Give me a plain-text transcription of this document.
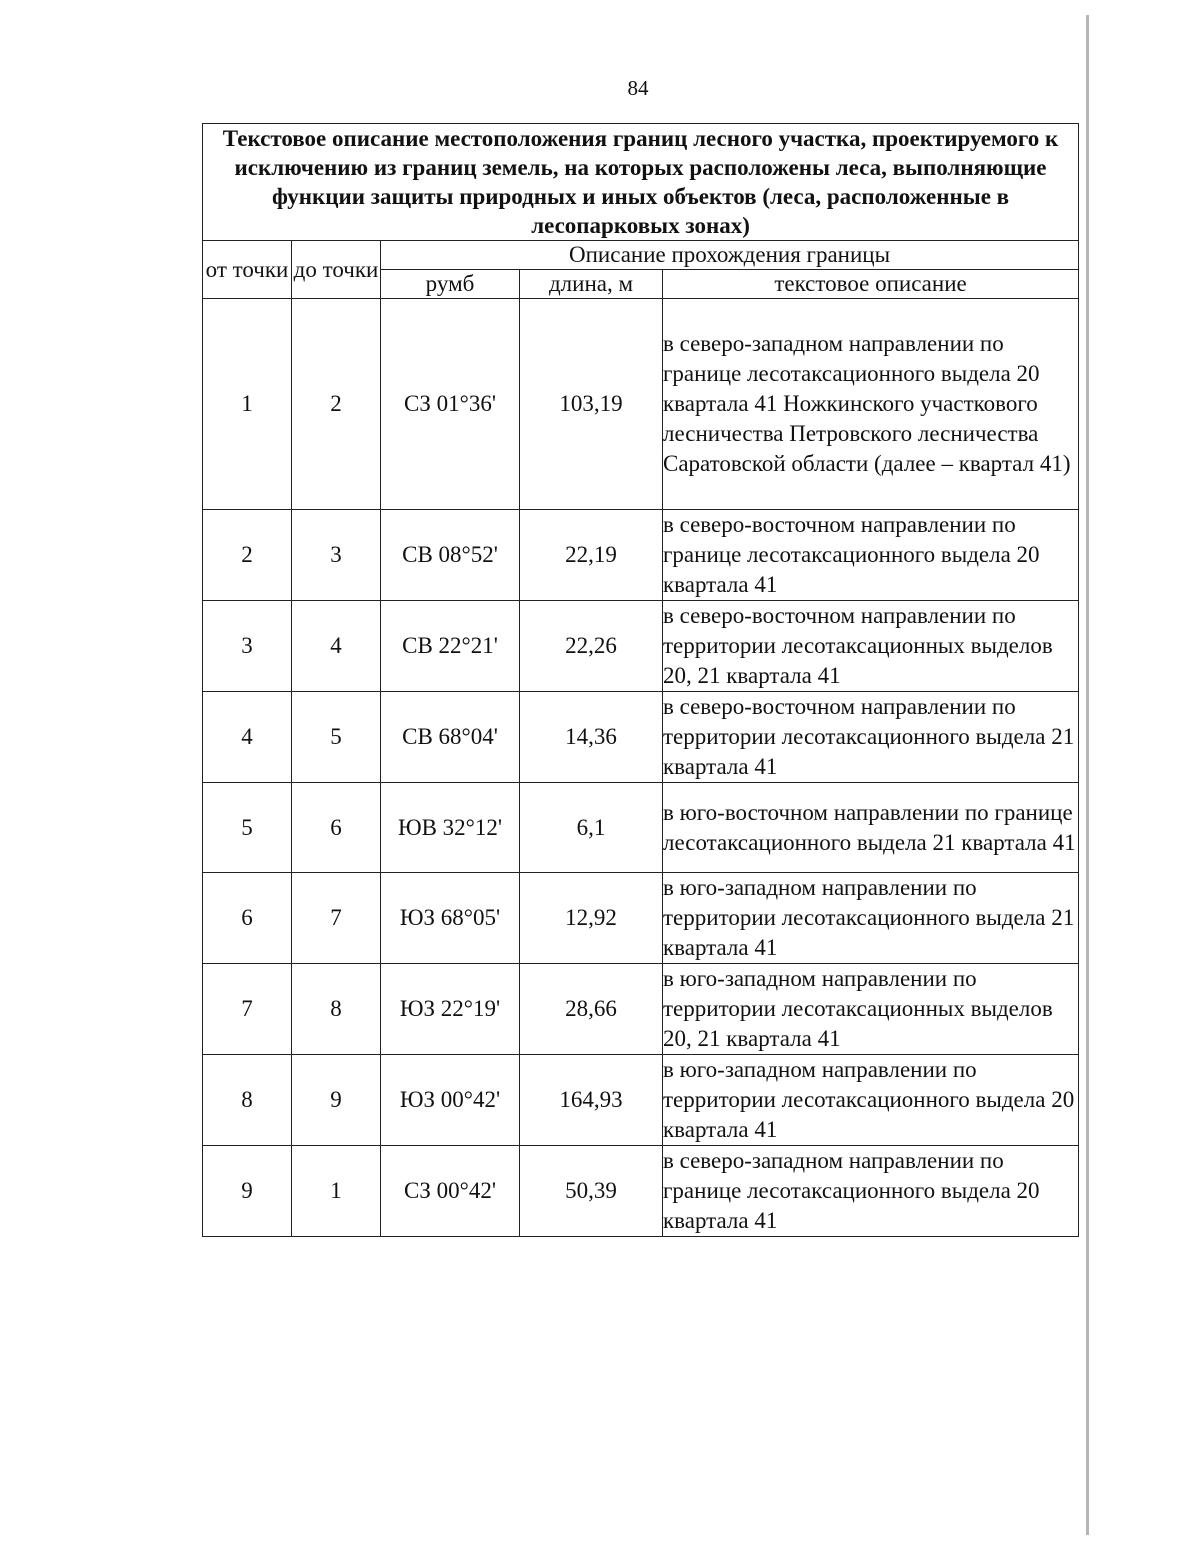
84
Текстовое описание местоположения границ лесного участка, проектируемого к исключению из границ земель, на которых расположены леса, выполняющие функции защиты природных и иных объектов (леса, расположенные в лесопарковых зонах)				
от точки	до точки	Описание прохождения границы		
		румб	длина, м	текстовое описание
1	2	СЗ 01°36'	103,19	в северо-западном направлении по границе лесотаксационного выдела 20 квартала 41 Ножкинского участкового лесничества Петровского лесничества Саратовской области (далее – квартал 41)
2	3	СВ 08°52'	22,19	в северо-восточном направлении по границе лесотаксационного выдела 20 квартала 41
3	4	СВ 22°21'	22,26	в северо-восточном направлении по территории лесотаксационных выделов 20, 21 квартала 41
4	5	СВ 68°04'	14,36	в северо-восточном направлении по территории лесотаксационного выдела 21 квартала 41
5	6	ЮВ 32°12'	6,1	в юго-восточном направлении по границе лесотаксационного выдела 21 квартала 41
6	7	ЮЗ 68°05'	12,92	в юго-западном направлении по территории лесотаксационного выдела 21 квартала 41
7	8	ЮЗ 22°19'	28,66	в юго-западном направлении по территории лесотаксационных выделов 20, 21 квартала 41
8	9	ЮЗ 00°42'	164,93	в юго-западном направлении по территории лесотаксационного выдела 20 квартала 41
9	1	СЗ 00°42'	50,39	в северо-западном направлении по границе лесотаксационного выдела 20 квартала 41
